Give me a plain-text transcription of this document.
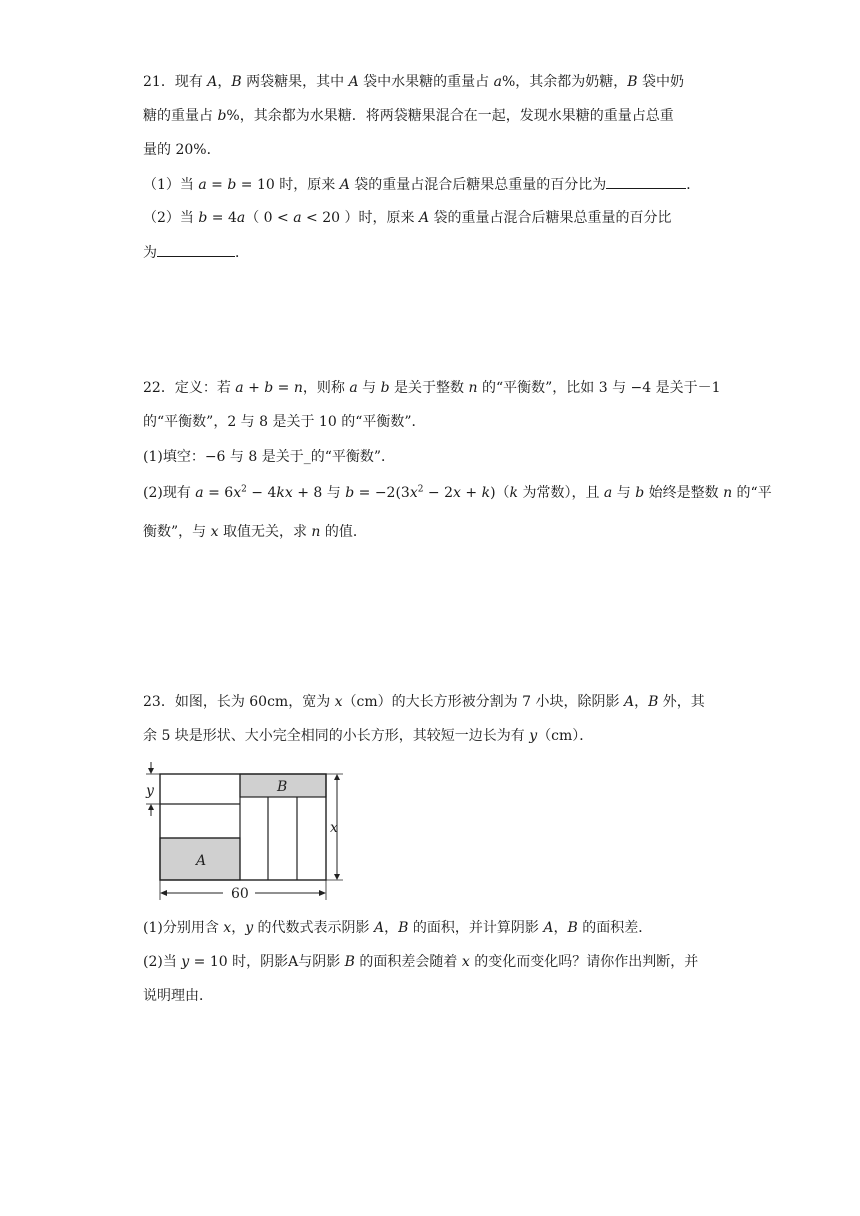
21．现有 A，B 两袋糖果，其中 A 袋中水果糖的重量占 a%，其余都为奶糖，B 袋中奶
糖的重量占 b%，其余都为水果糖．将两袋糖果混合在一起，发现水果糖的重量占总重
量的 20%．
（1）当 a = b = 10 时，原来 A 袋的重量占混合后糖果总重量的百分比为	．
（2）当 b = 4a（ 0 < a < 20 ）时，原来 A 袋的重量占混合后糖果总重量的百分比
为	．
22．定义：若 a + b = n，则称 a 与 b 是关于整数 n 的“平衡数”，比如 3 与 −4 是关于－1
的“平衡数”，2 与 8 是关于 10 的“平衡数”．
(1)填空：−6 与 8 是关于_的“平衡数”．
(2)现有 $a = 6x^2 - 4kx + 8$ 与 $b = -2(3x^2 - 2x + k)(k$ 为常数），且 a 与 b 始终是整数 n 的“平
衡数”，与 x 取值无关，求 n 的值．
23．如图，长为 60cm，宽为 x（cm）的大长方形被分割为 7 小块，除阴影 A，B 外，其
余 5 块是形状、大小完全相同的小长方形，其较短一边长为有 y（cm）．
A
B
y
x
60
(1)分别用含 x，y 的代数式表示阴影 A，B 的面积，并计算阴影 A，B 的面积差．
(2)当 y = 10 时，阴影A与阴影 B 的面积差会随着 x 的变化而变化吗？请你作出判断，并
说明理由．
